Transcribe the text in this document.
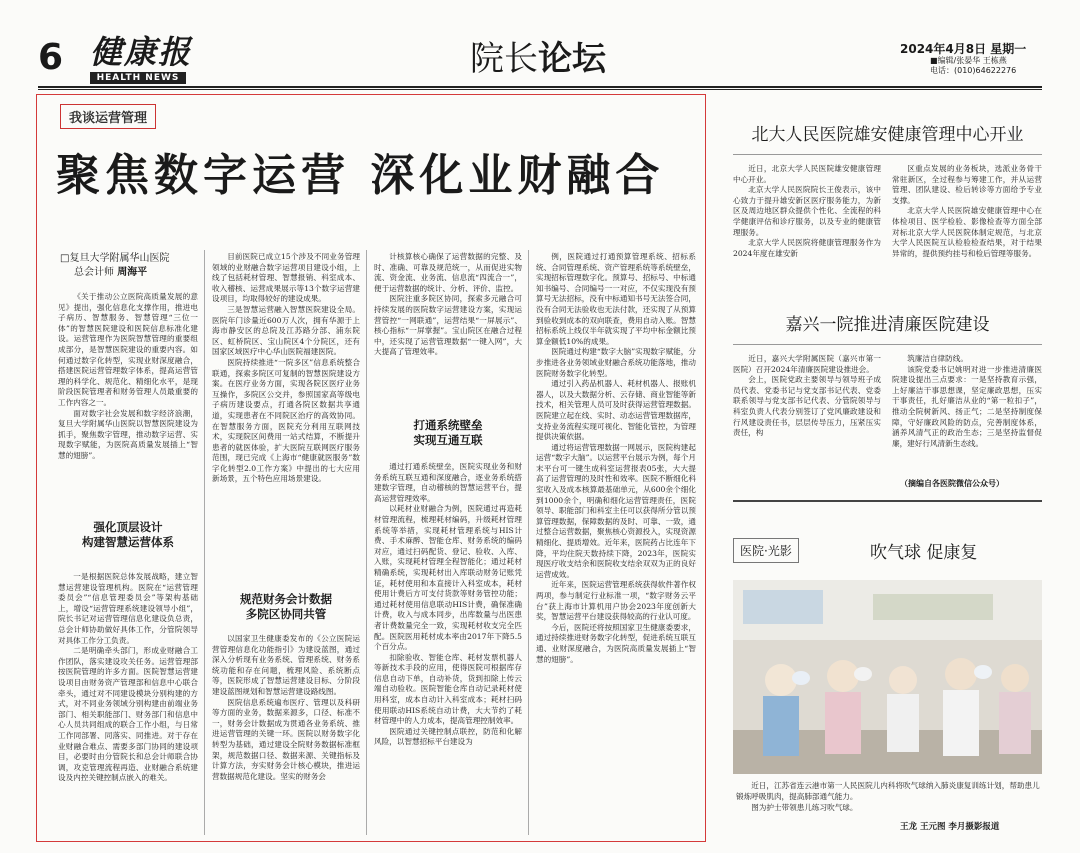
6 健康报
HEALTH NEWS	院长论坛	2024年4月8日 星期一
■编辑/张晏华 王栋燕
电话：(010)64622276
我谈运营管理
聚焦数字运营 深化业财融合
□复旦大学附属华山医院
总会计师 周海平

《关于推动公立医院高质量发展的意见》提出，强化信息化支撑作用，推进电子病历、智慧服务、智慧管理“三位一体”的智慧医院建设和医院信息标准化建设。运营管理作为医院智慧管理的重要组成部分，是智慧医院建设的重要内容。如何通过数字化转型，实现业财深度融合，搭建医院运营管理数字体系，提高运营管理的科学化、规范化、精细化水平，是现阶段医院管理者和财务管理人员最重要的工作内容之一。

面对数字社会发展和数字经济浪潮，复旦大学附属华山医院以智慧医院建设为抓手，聚焦数字管理，推动数字运营、实现数字赋能，为医院高质量发展插上“智慧的翅膀”。

强化顶层设计
构建智慧运营体系

一是根据医院总体发展战略，建立智慧运营建设管理机构。医院在“运营管理委员会”“信息管理委员会”等架构基础上，增设“运营管理系统建设领导小组”，院长书记对运营管理信息化建设负总责，总会计师协助做好具体工作，分管院领导对具体工作分工负责。

二是明确牵头部门，形成业财融合工作团队，落实建设攻关任务。运营管理部按医院管理的许多方面。医院智慧运营建设项目由财务资产管理部和信息中心联合牵头，通过对不同建设模块分别构建的方式，对不同业务领域分别构建由前端业务部门、相关职能部门、财务部门和信息中心人员共同组成的联合工作小组，与日常工作同部署、同落实、同推进。对于存在业财融合难点、需要多部门协同的建设项目，必要时由分管院长和总会计师联合协调，攻克管理流程再造、业财融合系统建设及内控关键控制点嵌入的难关。

目前医院已成立15个涉及不同业务管理领域的业财融合数字运营项目建设小组，上线了包括耗材管理、智慧报销、科室成本、收入稽核、运营成果展示等13个数字运营建设项目，均取得较好的建设成果。

三是智慧运营融入智慧医院建设全局。医院年门诊量近600万人次，拥有华源于上海市静安区的总院及江苏路分部、浦东院区、虹桥院区、宝山院区4个分院区，还有国家区域医疗中心华山医院福建医院。

医院持续推进“一院多区”信息系统整合联通，探索多院区可复制的智慧医院建设方案。在医疗业务方面，实现各院区医疗业务互操作，多院区公交并，参照国家高等级电子病历建设要点，打通各院区数据共享通道，实现患者在不同院区治疗的高效协同。在智慧服务方面，医院充分利用互联网技术，实现院区间费用一站式结算，不断提升患者的就医体验，扩大医院互联网医疗服务范围，现已完成《上海市“健康就医服务”数字化转型2.0工作方案》中提出的七大应用新场景，五个特色应用场景建设。

规范财务会计数据
多院区协同共管

以国家卫生健康委发布的《公立医院运营管理信息化功能指引》为建设蓝图，通过深入分析现有业务系统、管理系统、财务系统功能和存在问题，梳理风险、系统断点等，医院形成了智慧运营建设目标、分阶段建设蓝图规划和智慧运营建设路线图。

医院信息系统遍布医疗、管理以及科研等方面的业务，数据来源多，口径、标准不一，财务会计数据成为贯通各业务系统、推进运营管理的关键一环。医院以财务数字化转型为基础，通过建设全院财务数据标准框架，规范数据口径、数据来源、关键指标及计算方法，夯实财务会计核心模块，推进运营数据规范化建设。坚实的财务会

计核算核心确保了运营数据的完整、及时、准确、可靠及规范统一，从而促进实物流、资金流、业务流、信息流“四流合一”，便于运营数据的统计、分析、评价、监控。

医院注重多院区协同，探索多元融合可持续发展的医院数字运营建设方案，实现运营管控“一网联通”，运营结果“一屏展示”、核心指标“一屏掌握”。宝山院区在融合过程中，还实现了运营管理数据“一键入网”，大大提高了管理效率。

打通系统壁垒
实现互通互联

通过打通系统壁垒，医院实现业务和财务系统互联互通和深度融合，逐业务系统搭建数字管理，自动稽核的智慧运营平台，提高运营管理效率。

以耗材业财融合为例，医院通过再造耗材管理流程，梳理耗材编码，升级耗材管理系统等举措，实现耗材管理系统与HIS计费、手术麻醉、智能仓库、财务系统的编码对应，通过扫码配货、登记、验收、入库、入账，实现耗材管理全程智能化；通过耗材精确系统，实现耗材出入库联动财务记账凭证，耗材使用和本直接计入科室成本，耗材使用计费后方可支付货款等财务管控功能；通过耗材使用信息联动HIS计费，确保准确计费，收入与成本同步，出库数量与出医患者计费数量完全一致，实现耗材收支完全匹配。医院医用耗材成本率由2017年下降5.5个百分点。

扣除验收、智能仓库、耗材发票机器人等新技术手段的应用，使得医院可根据库存信息自动下单，自动补货，货到扣除上传云端自动验收。医院智能仓库自动记录耗材使用科室，成本自动计入科室成本；耗材扫码使用联动HIS系统自动计费，大大节约了耗材管理中的人力成本，提高管理控制效率。

医院通过关键控制点联控，防范和化解风险，以智慧招标平台建设为

例，医院通过打通预算管理系统、招标系统、合同管理系统、资产管理系统等系统壁垒，实现招标管理数字化。预算号、招标号、中标通知书编号、合同编号一一对应，不仅实现没有预算号无法招标，没有中标通知书号无法签合同，没有合同无法验收也无法付款，还实现了从预算到验收到成本的双向联查，费用自动入账。智慧招标系统上线仅半年就实现了平均中标金额比预算金额低10%的成果。

医院通过构建“数字大脑”实现数字赋能，分步推进各业务领域业财融合系统功能落地，推动医院财务数字化转型。

通过引入药品机器人、耗材机器人、报账机器人，以及大数据分析、云存储、商业智能等新技术，相关管理人员可及时获得运营管理数据。医院建立起在线、实时、动态运营管理数据库，支持业务流程实现可视化、智能化管控，为管理提供决策依据。

通过将运营管理数据一网展示，医院构建起运营“数字大脑”。以运营平台展示为例，每个月末平台可一键生成科室运营报表05张，大大提高了运营管理的及时性和效率。医院不断细化科室收入及成本核算最基础单元，从600余个细化到1000余个，明确和细化运营管理责任，医院领导、职能部门和科室主任可以获得所分管以预算管理数据，保障数据的及时、可靠、一致，通过整合运营数据，聚焦核心资源投入，实现资源精细化、提质增效。近年来，医院药占比连年下降，平均住院天数持续下降，2023年，医院实现医疗收支结余和医院收支结余双双为正的良好运营成效。

近年来，医院运营管理系统获得软件著作权两项，参与制定行业标准一项，“数字财务云平台”获上海市计算机用户协会2023年度创新大奖，智慧运营平台建设获得较高的行业认可度。

今后，医院还将按照国家卫生健康委要求，通过持续推进财务数字化转型，促进系统互联互通、业财深度融合，为医院高质量发展插上“智慧的翅膀”。

北大人民医院雄安健康管理中心开业

近日，北京大学人民医院雄安健康管理中心开业。

北京大学人民医院院长王俊表示，该中心致力于提升雄安新区医疗服务能力，为新区及周边地区群众提供个性化、全流程的科学健康评估和诊疗服务，以及专业的健康管理服务。

北京大学人民医院将健康管理服务作为2024年度在雄安新

区重点发展的业务板块，选派业务骨干常驻新区，全过程参与筹建工作，并从运营管理、团队建设、检后转诊等方面给予专业支撑。

北京大学人民医院雄安健康管理中心在体检项目、医学检验、影像检查等方面全部对标北京大学人民医院体制定规范，与北京大学人民医院互认检验检查结果，对于结果异常的，提供预约挂号和检后管理等服务。

嘉兴一院推进清廉医院建设

近日，嘉兴大学附属医院（嘉兴市第一医院）召开2024年清廉医院建设推进会。

会上，医院党政主要领导与领导班子成员代表、党委书记与党支部书记代表、党委联系领导与党支部书记代表、分管院领导与科室负责人代表分别签订了党风廉政建设和行风建设责任书，层层传导压力，压紧压实责任，构

筑廉洁自律防线。

该院党委书记姚明对进一步推进清廉医院建设提出三点要求：一是坚持教育示强，上好廉洁干事思想课，坚定廉政思想，压实干事责任，扎好廉洁从业的“第一粒扣子”，推动全院树新风、扬正气；二是坚持制度保障，守好廉政风险的防点，完善制度体系，涵养风清气正的政治生态；三是坚持监督促廉，建好行风清新生态线。

（摘编自各医院微信公众号）
医院·光影	吹气球 促康复
近日，江苏省连云港市第一人民医院儿内科将吹气球纳入肺炎康复训练计划，帮助患儿锻炼呼吸肌肉，提高肺部通气能力。
图为护士带领患儿练习吹气球。
王龙 王元图 李月摄影报道
